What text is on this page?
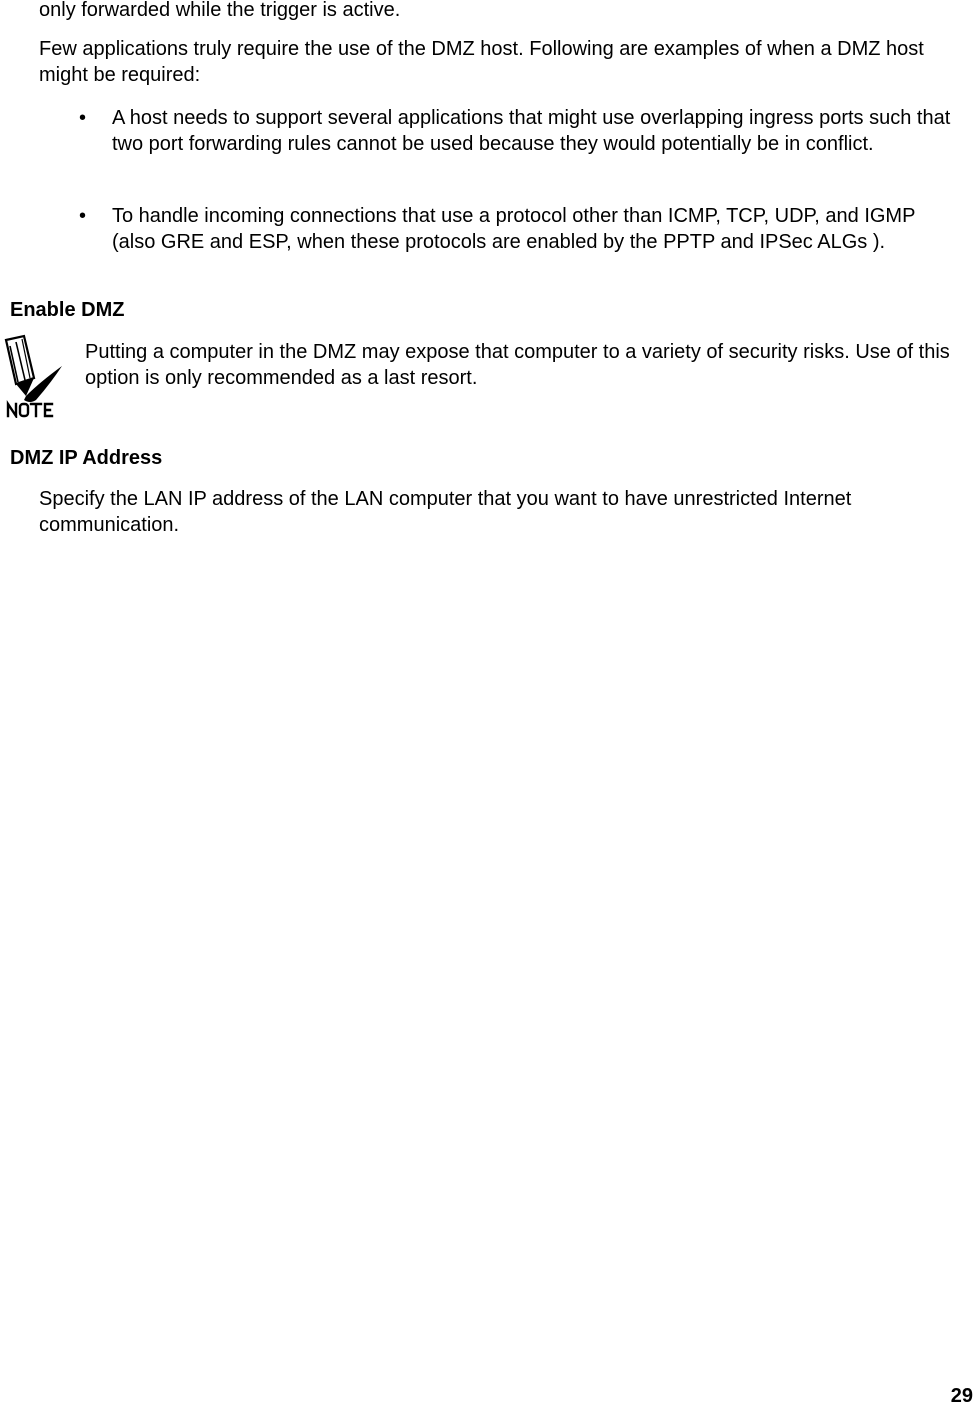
only forwarded while the trigger is active.

Few applications truly require the use of the DMZ host. Following are examples of when a DMZ host might be required:

•	A host needs to support several applications that might use overlapping ingress ports such that two port forwarding rules cannot be used because they would potentially be in conflict.

•	To handle incoming connections that use a protocol other than ICMP, TCP, UDP, and IGMP (also GRE and ESP, when these protocols are enabled by the PPTP and IPSec ALGs ).

Enable DMZ

Putting a computer in the DMZ may expose that computer to a variety of security risks. Use of this option is only recommended as a last resort.

DMZ IP Address

Specify the LAN IP address of the LAN computer that you want to have unrestricted Internet communication.

29
